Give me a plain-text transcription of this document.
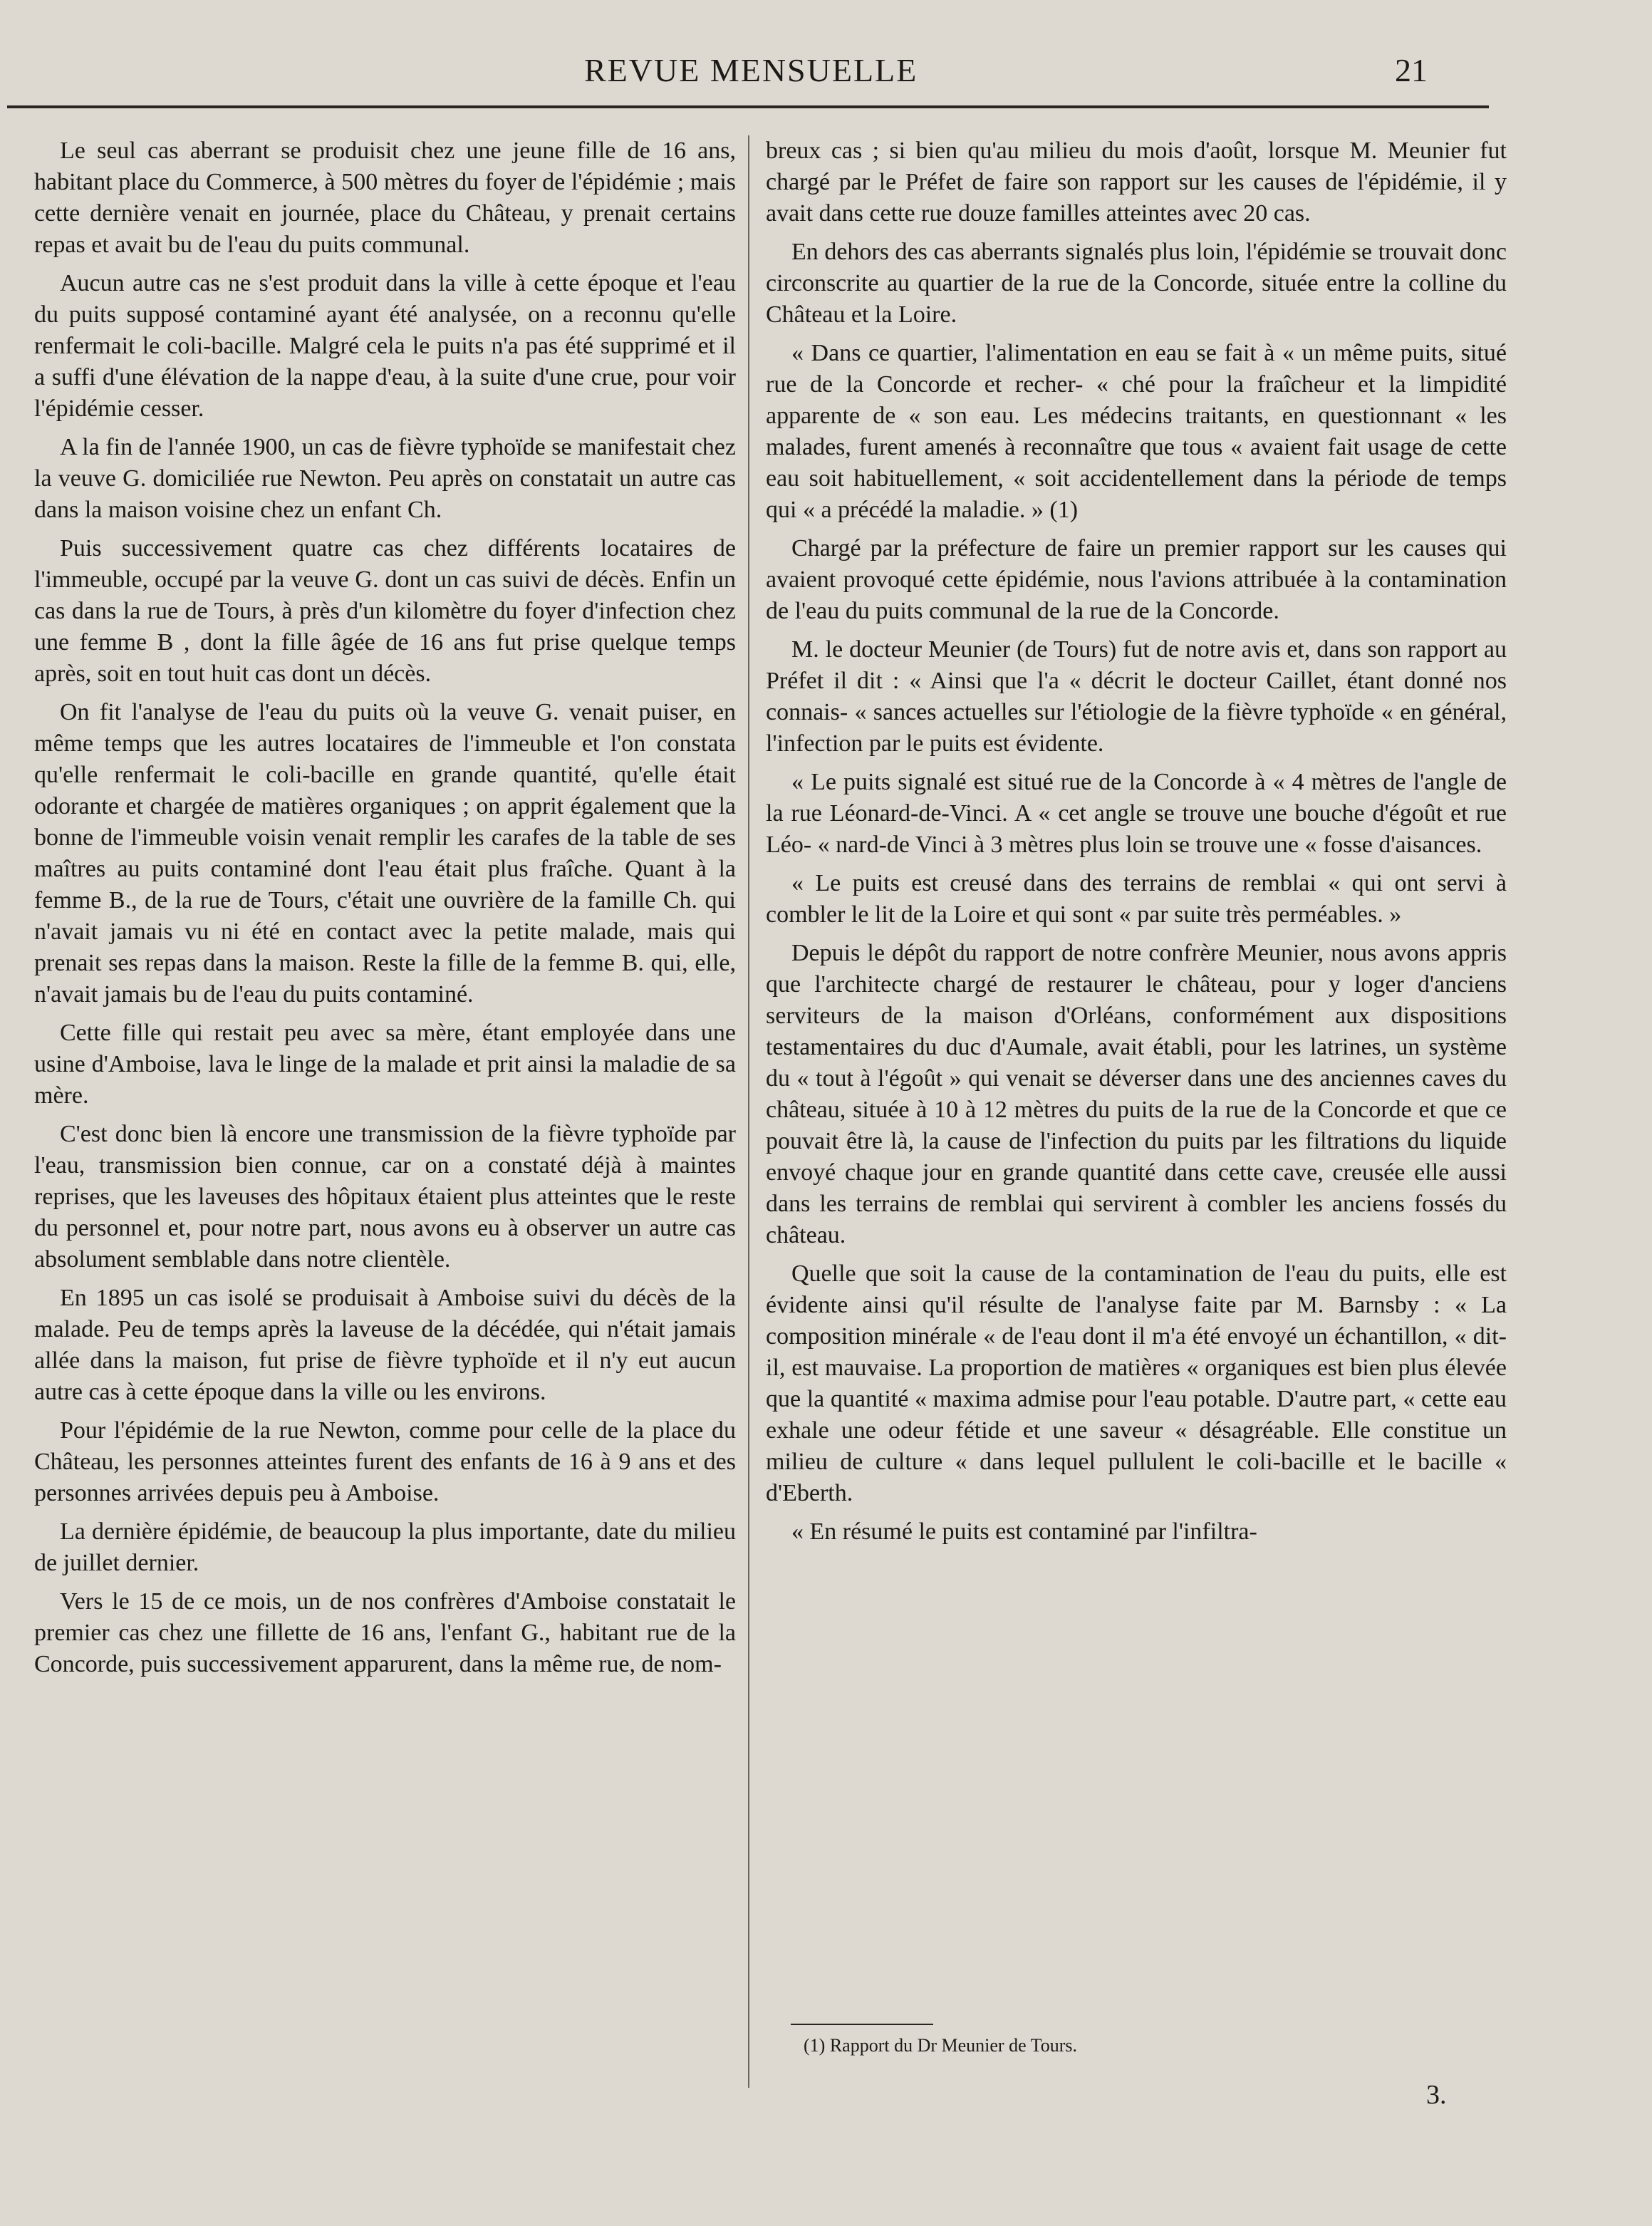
REVUE MENSUELLE	21

Le seul cas aberrant se produisit chez une jeune fille de 16 ans, habitant place du Commerce, à 500 mètres du foyer de l'épidémie ; mais cette dernière venait en journée, place du Château, y prenait certains repas et avait bu de l'eau du puits communal.

Aucun autre cas ne s'est produit dans la ville à cette époque et l'eau du puits supposé contaminé ayant été analysée, on a reconnu qu'elle renfermait le coli-bacille. Malgré cela le puits n'a pas été supprimé et il a suffi d'une élévation de la nappe d'eau, à la suite d'une crue, pour voir l'épidémie cesser.

A la fin de l'année 1900, un cas de fièvre typhoïde se manifestait chez la veuve G. domiciliée rue Newton. Peu après on constatait un autre cas dans la maison voisine chez un enfant Ch.

Puis successivement quatre cas chez différents locataires de l'immeuble, occupé par la veuve G. dont un cas suivi de décès. Enfin un cas dans la rue de Tours, à près d'un kilomètre du foyer d'infection chez une femme B , dont la fille âgée de 16 ans fut prise quelque temps après, soit en tout huit cas dont un décès.

On fit l'analyse de l'eau du puits où la veuve G. venait puiser, en même temps que les autres locataires de l'immeuble et l'on constata qu'elle renfermait le coli-bacille en grande quantité, qu'elle était odorante et chargée de matières organiques ; on apprit également que la bonne de l'immeuble voisin venait remplir les carafes de la table de ses maîtres au puits contaminé dont l'eau était plus fraîche. Quant à la femme B., de la rue de Tours, c'était une ouvrière de la famille Ch. qui n'avait jamais vu ni été en contact avec la petite malade, mais qui prenait ses repas dans la maison. Reste la fille de la femme B. qui, elle, n'avait jamais bu de l'eau du puits contaminé.

Cette fille qui restait peu avec sa mère, étant employée dans une usine d'Amboise, lava le linge de la malade et prit ainsi la maladie de sa mère.

C'est donc bien là encore une transmission de la fièvre typhoïde par l'eau, transmission bien connue, car on a constaté déjà à maintes reprises, que les laveuses des hôpitaux étaient plus atteintes que le reste du personnel et, pour notre part, nous avons eu à observer un autre cas absolument semblable dans notre clientèle.

En 1895 un cas isolé se produisait à Amboise suivi du décès de la malade. Peu de temps après la laveuse de la décédée, qui n'était jamais allée dans la maison, fut prise de fièvre typhoïde et il n'y eut aucun autre cas à cette époque dans la ville ou les environs.

Pour l'épidémie de la rue Newton, comme pour celle de la place du Château, les personnes atteintes furent des enfants de 16 à 9 ans et des personnes arrivées depuis peu à Amboise.

La dernière épidémie, de beaucoup la plus importante, date du milieu de juillet dernier.

Vers le 15 de ce mois, un de nos confrères d'Amboise constatait le premier cas chez une fillette de 16 ans, l'enfant G., habitant rue de la Concorde, puis successivement apparurent, dans la même rue, de nom-

breux cas ; si bien qu'au milieu du mois d'août, lorsque M. Meunier fut chargé par le Préfet de faire son rapport sur les causes de l'épidémie, il y avait dans cette rue douze familles atteintes avec 20 cas.

En dehors des cas aberrants signalés plus loin, l'épidémie se trouvait donc circonscrite au quartier de la rue de la Concorde, située entre la colline du Château et la Loire.

« Dans ce quartier, l'alimentation en eau se fait à « un même puits, situé rue de la Concorde et recher- « ché pour la fraîcheur et la limpidité apparente de « son eau. Les médecins traitants, en questionnant « les malades, furent amenés à reconnaître que tous « avaient fait usage de cette eau soit habituellement, « soit accidentellement dans la période de temps qui « a précédé la maladie. » (1)

Chargé par la préfecture de faire un premier rapport sur les causes qui avaient provoqué cette épidémie, nous l'avions attribuée à la contamination de l'eau du puits communal de la rue de la Concorde.

M. le docteur Meunier (de Tours) fut de notre avis et, dans son rapport au Préfet il dit : « Ainsi que l'a « décrit le docteur Caillet, étant donné nos connais- « sances actuelles sur l'étiologie de la fièvre typhoïde « en général, l'infection par le puits est évidente.

« Le puits signalé est situé rue de la Concorde à « 4 mètres de l'angle de la rue Léonard-de-Vinci. A « cet angle se trouve une bouche d'égoût et rue Léo- « nard-de Vinci à 3 mètres plus loin se trouve une « fosse d'aisances.

« Le puits est creusé dans des terrains de remblai « qui ont servi à combler le lit de la Loire et qui sont « par suite très perméables. »

Depuis le dépôt du rapport de notre confrère Meunier, nous avons appris que l'architecte chargé de restaurer le château, pour y loger d'anciens serviteurs de la maison d'Orléans, conformément aux dispositions testamentaires du duc d'Aumale, avait établi, pour les latrines, un système du « tout à l'égoût » qui venait se déverser dans une des anciennes caves du château, située à 10 à 12 mètres du puits de la rue de la Concorde et que ce pouvait être là, la cause de l'infection du puits par les filtrations du liquide envoyé chaque jour en grande quantité dans cette cave, creusée elle aussi dans les terrains de remblai qui servirent à combler les anciens fossés du château.

Quelle que soit la cause de la contamination de l'eau du puits, elle est évidente ainsi qu'il résulte de l'analyse faite par M. Barnsby : « La composition minérale « de l'eau dont il m'a été envoyé un échantillon, « dit-il, est mauvaise. La proportion de matières « organiques est bien plus élevée que la quantité « maxima admise pour l'eau potable. D'autre part, « cette eau exhale une odeur fétide et une saveur « désagréable. Elle constitue un milieu de culture « dans lequel pullulent le coli-bacille et le bacille « d'Eberth.

« En résumé le puits est contaminé par l'infiltra-

(1) Rapport du Dr Meunier de Tours.
3.
